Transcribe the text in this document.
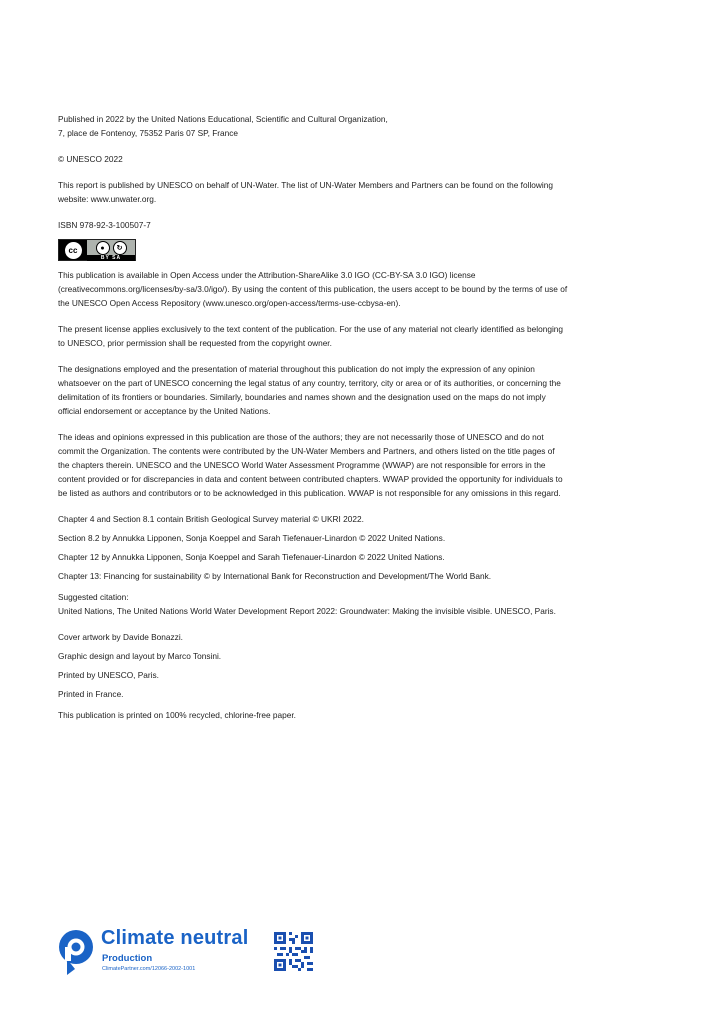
Published in 2022 by the United Nations Educational, Scientific and Cultural Organization,

7, place de Fontenoy, 75352 Paris 07 SP, France

© UNESCO 2022

This report is published by UNESCO on behalf of UN-Water. The list of UN-Water Members and Partners can be found on the following website: www.unwater.org.

ISBN 978-92-3-100507-7

cc	●	↻
BY SA

This publication is available in Open Access under the Attribution-ShareAlike 3.0 IGO (CC-BY-SA 3.0 IGO) license (creativecommons.org/licenses/by-sa/3.0/igo/). By using the content of this publication, the users accept to be bound by the terms of use of the UNESCO Open Access Repository (www.unesco.org/open-access/terms-use-ccbysa-en).

The present license applies exclusively to the text content of the publication. For the use of any material not clearly identified as belonging to UNESCO, prior permission shall be requested from the copyright owner.

The designations employed and the presentation of material throughout this publication do not imply the expression of any opinion whatsoever on the part of UNESCO concerning the legal status of any country, territory, city or area or of its authorities, or concerning the delimitation of its frontiers or boundaries. Similarly, boundaries and names shown and the designation used on the maps do not imply official endorsement or acceptance by the United Nations.

The ideas and opinions expressed in this publication are those of the authors; they are not necessarily those of UNESCO and do not commit the Organization. The contents were contributed by the UN-Water Members and Partners, and others listed on the title pages of the chapters therein. UNESCO and the UNESCO World Water Assessment Programme (WWAP) are not responsible for errors in the content provided or for discrepancies in data and content between contributed chapters. WWAP provided the opportunity for individuals to be listed as authors and contributors or to be acknowledged in this publication. WWAP is not responsible for any omissions in this regard.

Chapter 4 and Section 8.1 contain British Geological Survey material © UKRI 2022.

Section 8.2 by Annukka Lipponen, Sonja Koeppel and Sarah Tiefenauer-Linardon © 2022 United Nations.

Chapter 12 by Annukka Lipponen, Sonja Koeppel and Sarah Tiefenauer-Linardon © 2022 United Nations.

Chapter 13: Financing for sustainability © by International Bank for Reconstruction and Development/The World Bank.

Suggested citation:

United Nations, The United Nations World Water Development Report 2022: Groundwater: Making the invisible visible. UNESCO, Paris.

Cover artwork by Davide Bonazzi.

Graphic design and layout by Marco Tonsini.

Printed by UNESCO, Paris.

Printed in France.

This publication is printed on 100% recycled, chlorine-free paper.

Climate neutral
Production
ClimatePartner.com/12066-2002-1001
